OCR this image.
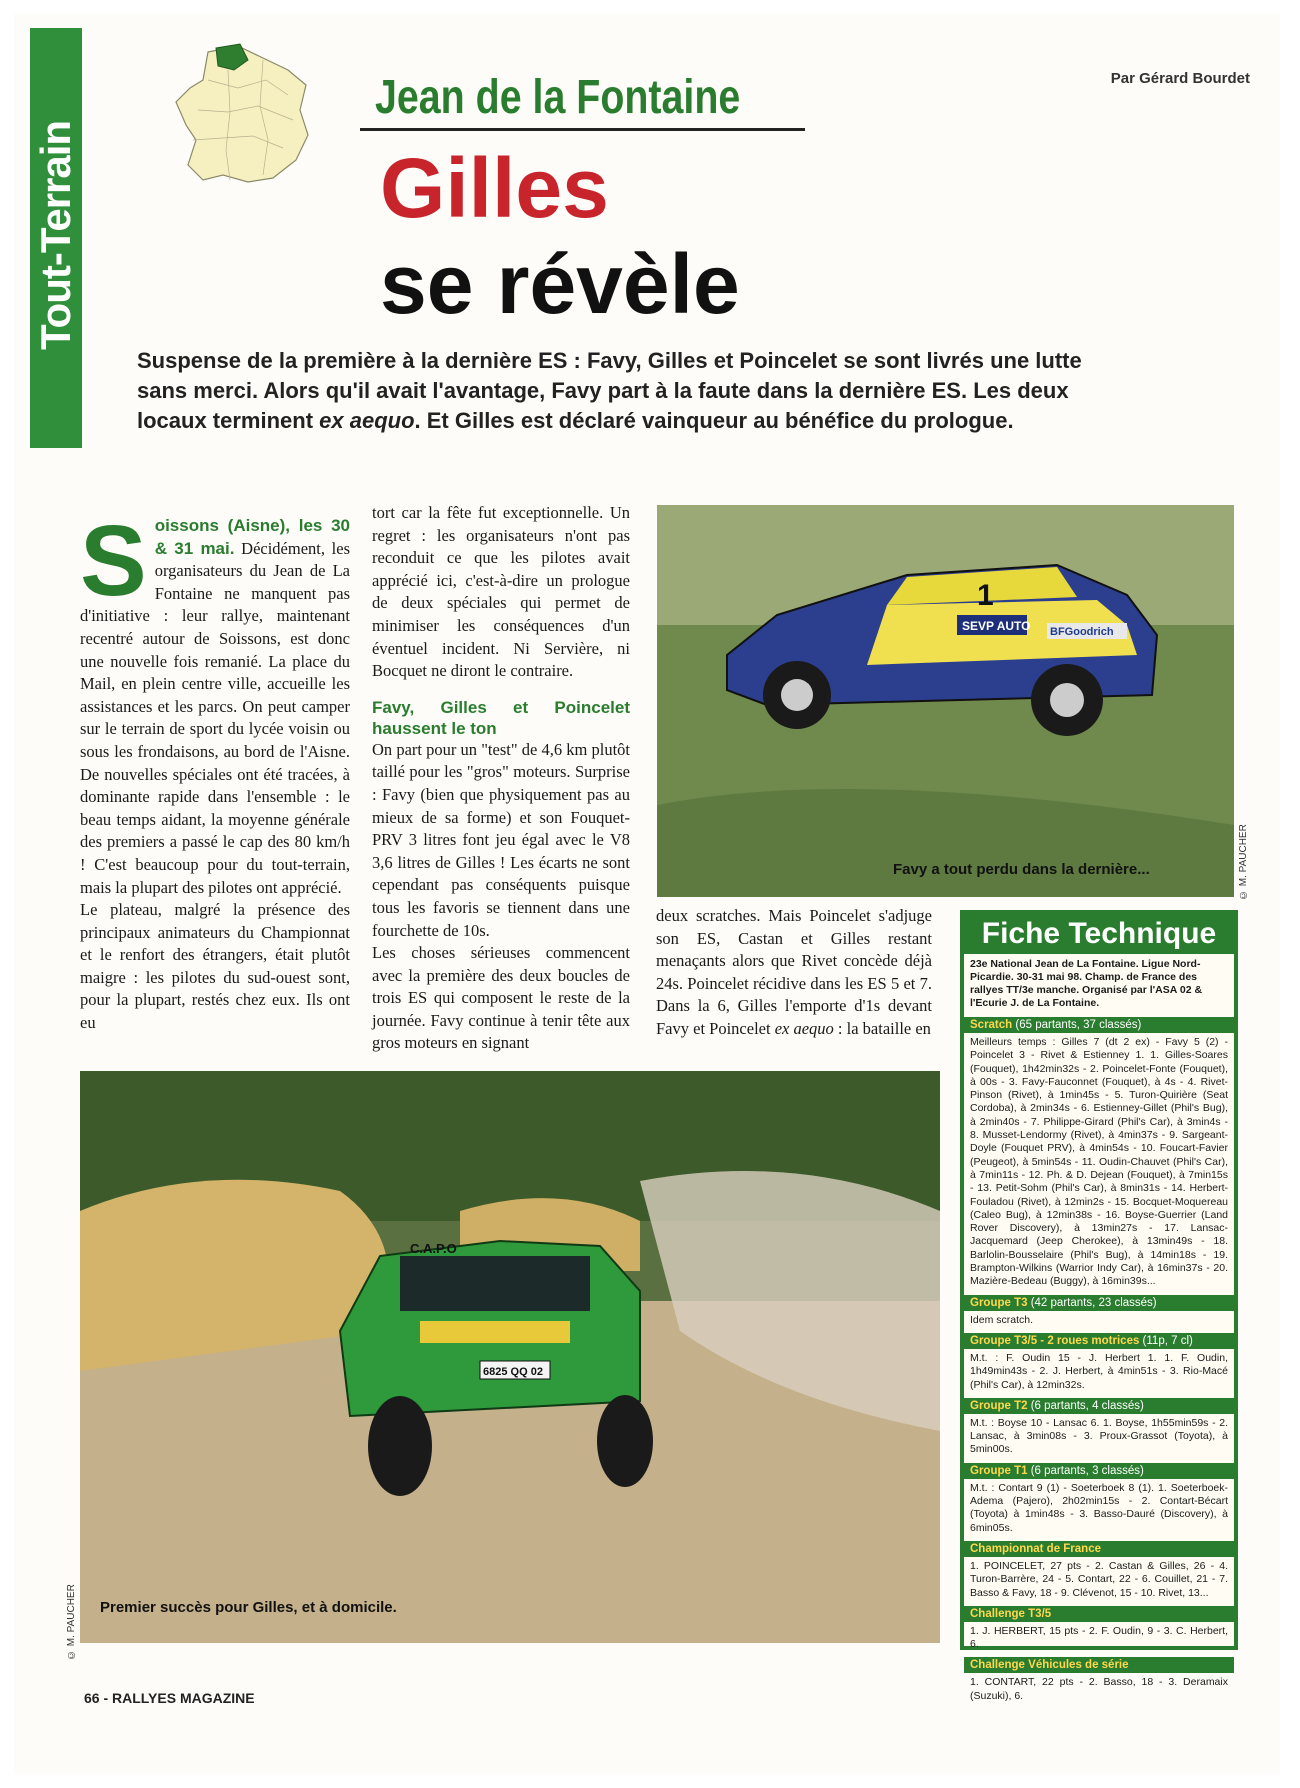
Tout-Terrain
Par Gérard Bourdet
Jean de la Fontaine
Gilles
se révèle
Suspense de la première à la dernière ES : Favy, Gilles et Poincelet se sont livrés une lutte sans merci. Alors qu'il avait l'avantage, Favy part à la faute dans la dernière ES. Les deux locaux terminent ex aequo. Et Gilles est déclaré vainqueur au bénéfice du prologue.
S oissons (Aisne), les 30 & 31 mai. Décidément, les organisateurs du Jean de La Fontaine ne manquent pas d'initiative : leur rallye, maintenant recentré autour de Soissons, est donc une nouvelle fois remanié. La place du Mail, en plein centre ville, accueille les assistances et les parcs. On peut camper sur le terrain de sport du lycée voisin ou sous les frondaisons, au bord de l'Aisne. De nouvelles spéciales ont été tracées, à dominante rapide dans l'ensemble : le beau temps aidant, la moyenne générale des premiers a passé le cap des 80 km/h ! C'est beaucoup pour du tout-terrain, mais la plupart des pilotes ont apprécié.
Le plateau, malgré la présence des principaux animateurs du Championnat et le renfort des étrangers, était plutôt maigre : les pilotes du sud-ouest sont, pour la plupart, restés chez eux. Ils ont eu
tort car la fête fut exceptionnelle. Un regret : les organisateurs n'ont pas reconduit ce que les pilotes avait apprécié ici, c'est-à-dire un prologue de deux spéciales qui permet de minimiser les conséquences d'un éventuel incident. Ni Servière, ni Bocquet ne diront le contraire.
Favy, Gilles et Poincelet haussent le ton
On part pour un "test" de 4,6 km plutôt taillé pour les "gros" moteurs. Surprise : Favy (bien que physiquement pas au mieux de sa forme) et son Fouquet-PRV 3 litres font jeu égal avec le V8 3,6 litres de Gilles ! Les écarts ne sont cependant pas conséquents puisque tous les favoris se tiennent dans une fourchette de 10s.
Les choses sérieuses commencent avec la première des deux boucles de trois ES qui composent le reste de la journée. Favy continue à tenir tête aux gros moteurs en signant
deux scratches. Mais Poincelet s'adjuge son ES, Castan et Gilles restant menaçants alors que Rivet concède déjà 24s. Poincelet récidive dans les ES 5 et 7. Dans la 6, Gilles l'emporte d'1s devant Favy et Poincelet ex aequo : la bataille en
SEVP AUTO BFGoodrich
1
Favy a tout perdu dans la dernière...	© M. PAUCHER
C.A.P.O
6825 QQ 02
Premier succès pour Gilles, et à domicile.
© M. PAUCHER
Fiche Technique
23e National Jean de La Fontaine. Ligue Nord-Picardie. 30-31 mai 98. Champ. de France des rallyes TT/3e manche. Organisé par l'ASA 02 & l'Ecurie J. de La Fontaine.
Scratch (65 partants, 37 classés)
Meilleurs temps : Gilles 7 (dt 2 ex) - Favy 5 (2) - Poincelet 3 - Rivet & Estienney 1. 1. Gilles-Soares (Fouquet), 1h42min32s - 2. Poincelet-Fonte (Fouquet), à 00s - 3. Favy-Fauconnet (Fouquet), à 4s - 4. Rivet-Pinson (Rivet), à 1min45s - 5. Turon-Quirière (Seat Cordoba), à 2min34s - 6. Estienney-Gillet (Phil's Bug), à 2min40s - 7. Philippe-Girard (Phil's Car), à 3min4s - 8. Musset-Lendormy (Rivet), à 4min37s - 9. Sargeant-Doyle (Fouquet PRV), à 4min54s - 10. Foucart-Favier (Peugeot), à 5min54s - 11. Oudin-Chauvet (Phil's Car), à 7min11s - 12. Ph. & D. Dejean (Fouquet), à 7min15s - 13. Petit-Sohm (Phil's Car), à 8min31s - 14. Herbert-Fouladou (Rivet), à 12min2s - 15. Bocquet-Moquereau (Caleo Bug), à 12min38s - 16. Boyse-Guerrier (Land Rover Discovery), à 13min27s - 17. Lansac-Jacquemard (Jeep Cherokee), à 13min49s - 18. Barlolin-Bousselaire (Phil's Bug), à 14min18s - 19. Brampton-Wilkins (Warrior Indy Car), à 16min37s - 20. Mazière-Bedeau (Buggy), à 16min39s...
Groupe T3 (42 partants, 23 classés)
Idem scratch.
Groupe T3/5 - 2 roues motrices (11p, 7 cl)
M.t. : F. Oudin 15 - J. Herbert 1. 1. F. Oudin, 1h49min43s - 2. J. Herbert, à 4min51s - 3. Rio-Macé (Phil's Car), à 12min32s.
Groupe T2 (6 partants, 4 classés)
M.t. : Boyse 10 - Lansac 6. 1. Boyse, 1h55min59s - 2. Lansac, à 3min08s - 3. Proux-Grassot (Toyota), à 5min00s.
Groupe T1 (6 partants, 3 classés)
M.t. : Contart 9 (1) - Soeterboek 8 (1). 1. Soeterboek-Adema (Pajero), 2h02min15s - 2. Contart-Bécart (Toyota) à 1min48s - 3. Basso-Dauré (Discovery), à 6min05s.
Championnat de France
1. POINCELET, 27 pts - 2. Castan & Gilles, 26 - 4. Turon-Barrère, 24 - 5. Contart, 22 - 6. Couillet, 21 - 7. Basso & Favy, 18 - 9. Clévenot, 15 - 10. Rivet, 13...
Challenge T3/5
1. J. HERBERT, 15 pts - 2. F. Oudin, 9 - 3. C. Herbert, 6.
Challenge Véhicules de série
1. CONTART, 22 pts - 2. Basso, 18 - 3. Deramaix (Suzuki), 6.
66 - RALLYES MAGAZINE
